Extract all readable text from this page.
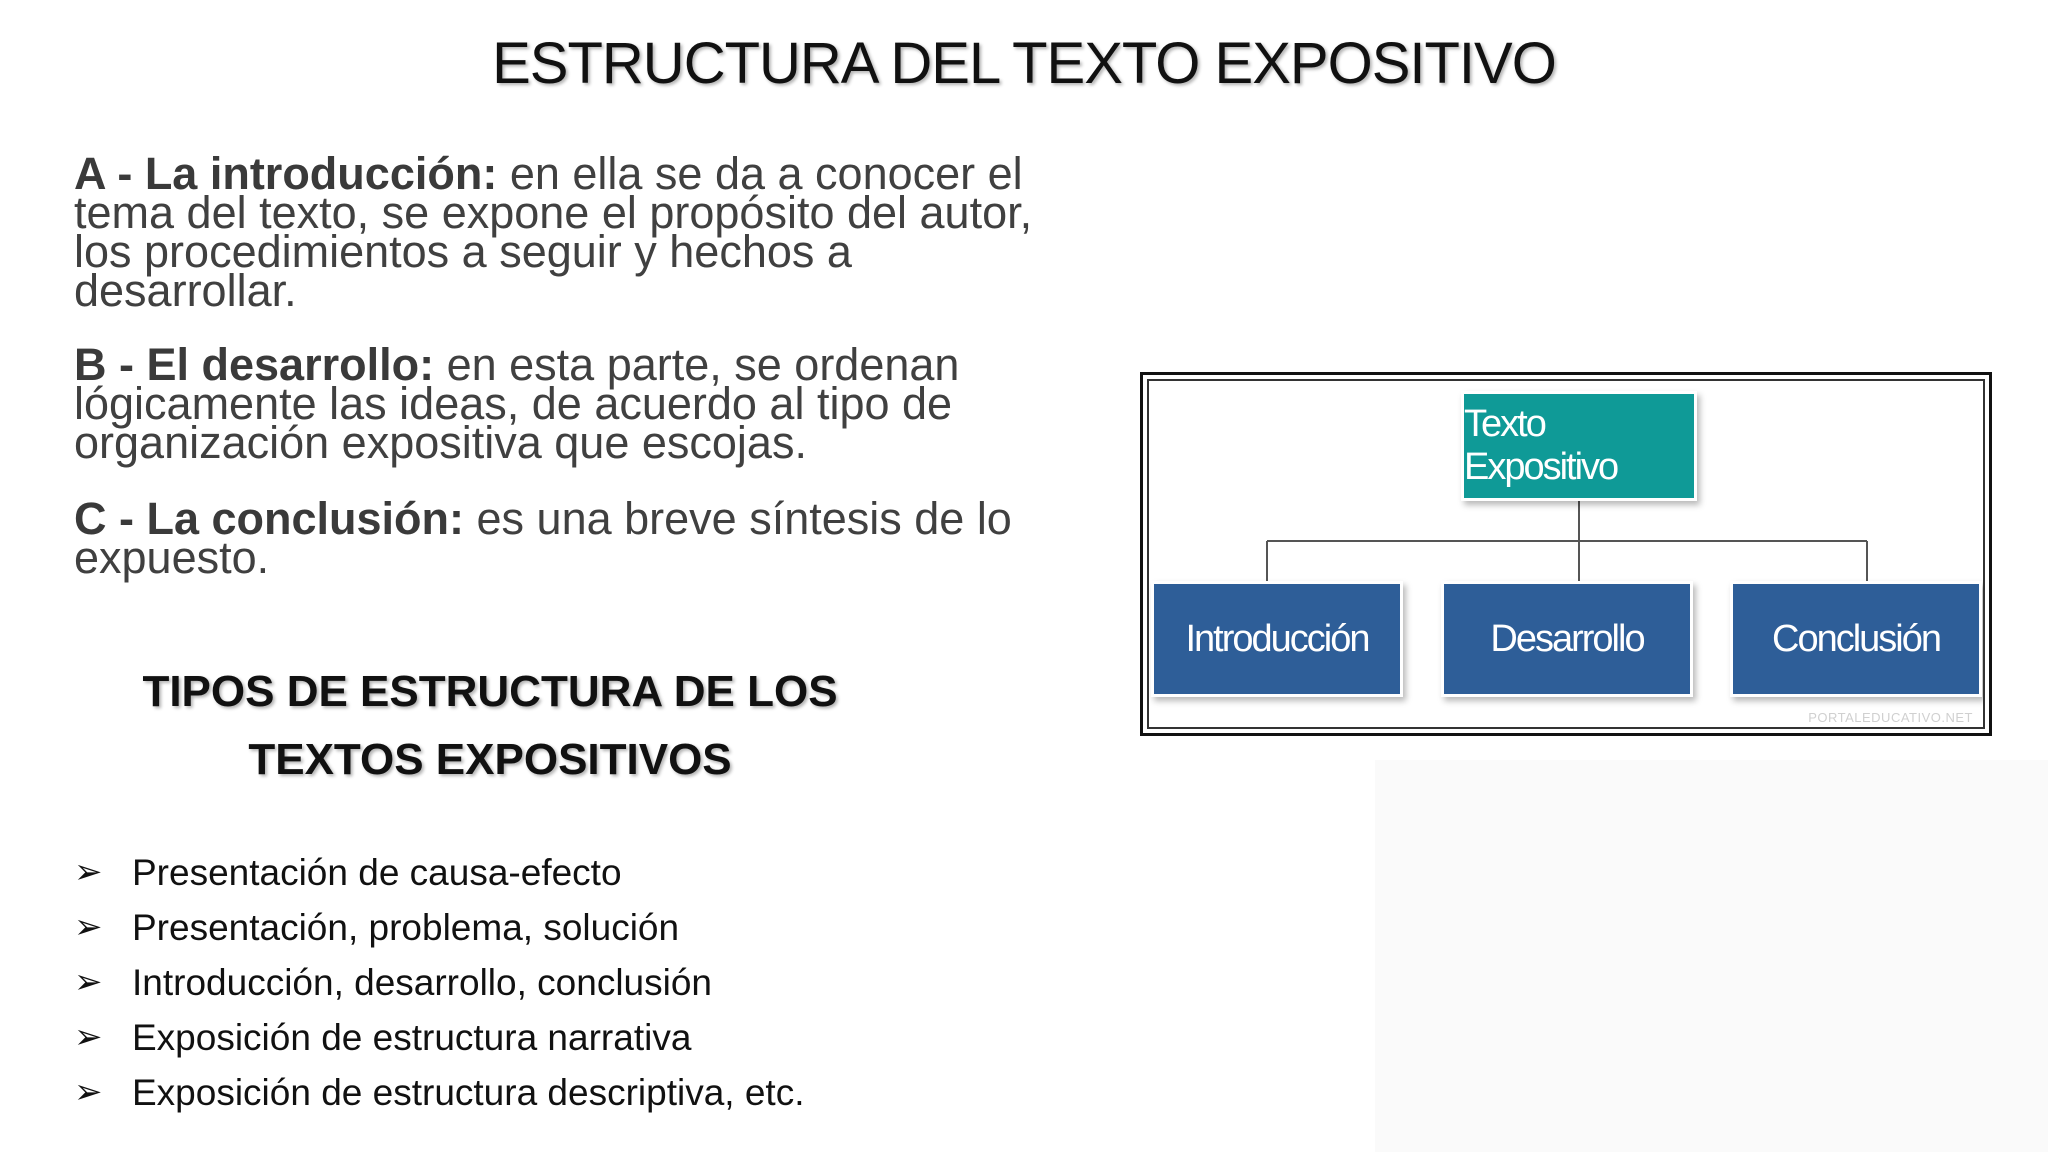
ESTRUCTURA DEL TEXTO EXPOSITIVO

A - La introducción: en ella se da a conocer el tema del texto, se expone el propósito del autor, los procedimientos a seguir y hechos a desarrollar.

B - El desarrollo: en esta parte, se ordenan lógicamente las ideas, de acuerdo al tipo de organización expositiva que escojas.

C - La conclusión: es una breve síntesis de lo expuesto.

TIPOS DE ESTRUCTURA DE LOS
TEXTOS EXPOSITIVOS
➢ Presentación de causa-efecto
➢ Presentación, problema, solución
➢ Introducción, desarrollo, conclusión
➢ Exposición de estructura narrativa
➢ Exposición de estructura descriptiva, etc.
Texto Expositivo
Introducción	Desarrollo	Conclusión
PORTALEDUCATIVO.NET
